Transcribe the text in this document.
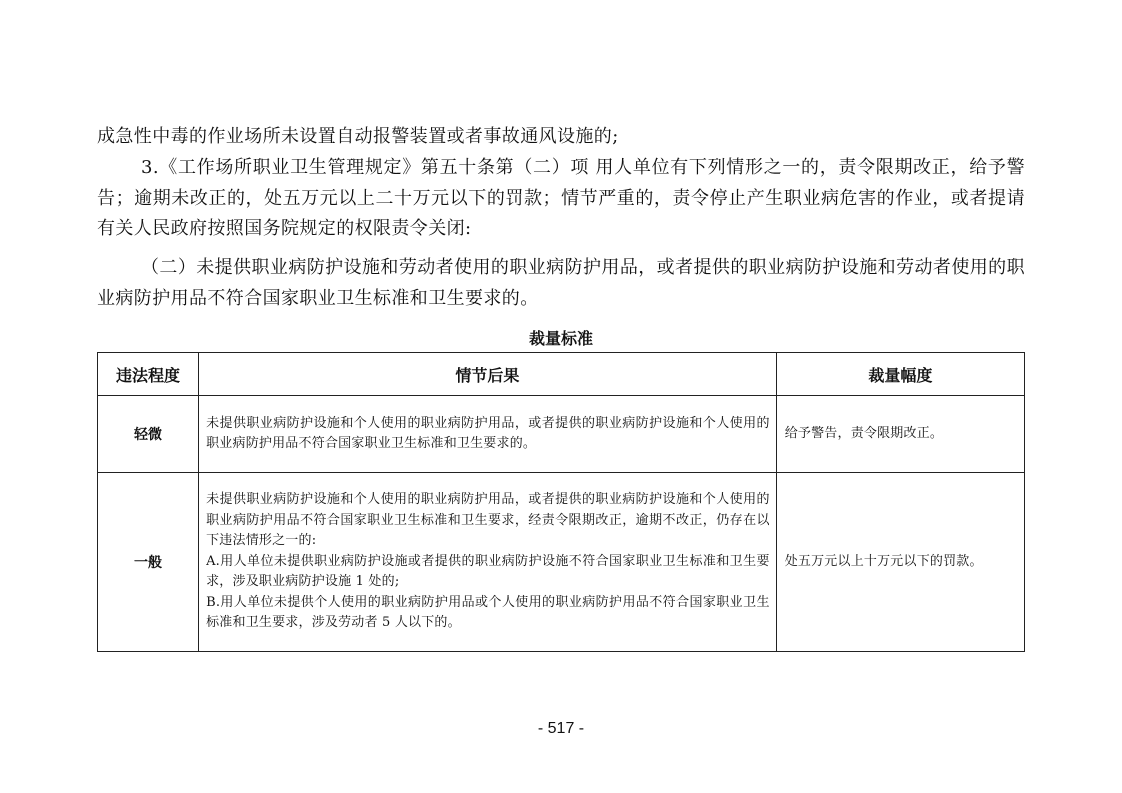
成急性中毒的作业场所未设置自动报警装置或者事故通风设施的;

3.《工作场所职业卫生管理规定》第五十条第（二）项 用人单位有下列情形之一的，责令限期改正，给予警告；逾期未改正的，处五万元以上二十万元以下的罚款；情节严重的，责令停止产生职业病危害的作业，或者提请有关人民政府按照国务院规定的权限责令关闭:

（二）未提供职业病防护设施和劳动者使用的职业病防护用品，或者提供的职业病防护设施和劳动者使用的职业病防护用品不符合国家职业卫生标准和卫生要求的。

裁量标准
违法程度	情节后果	裁量幅度
轻微	未提供职业病防护设施和个人使用的职业病防护用品，或者提供的职业病防护设施和个人使用的职业病防护用品不符合国家职业卫生标准和卫生要求的。	给予警告，责令限期改正。
一般	未提供职业病防护设施和个人使用的职业病防护用品，或者提供的职业病防护设施和个人使用的职业病防护用品不符合国家职业卫生标准和卫生要求，经责令限期改正，逾期不改正，仍存在以下违法情形之一的:
A.用人单位未提供职业病防护设施或者提供的职业病防护设施不符合国家职业卫生标准和卫生要求，涉及职业病防护设施 1 处的;
B.用人单位未提供个人使用的职业病防护用品或个人使用的职业病防护用品不符合国家职业卫生标准和卫生要求，涉及劳动者 5 人以下的。	处五万元以上十万元以下的罚款。
- 517 -
